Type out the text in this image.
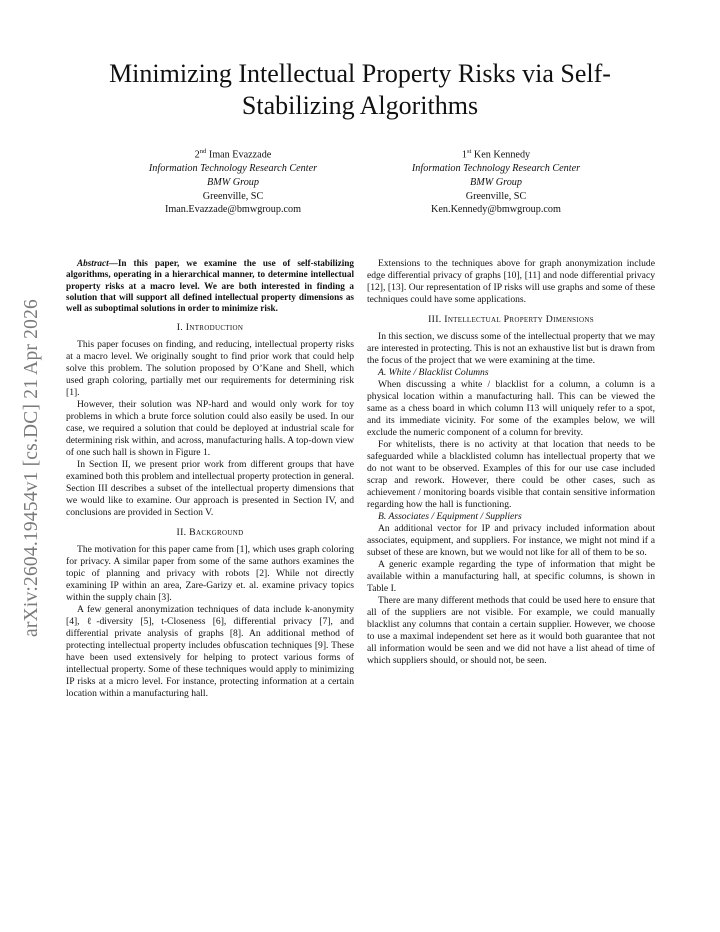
arXiv:2604.19454v1 [cs.DC] 21 Apr 2026
Minimizing Intellectual Property Risks via Self-Stabilizing Algorithms
2nd Iman Evazzade
Information Technology Research Center
BMW Group
Greenville, SC
Iman.Evazzade@bmwgroup.com
1st Ken Kennedy
Information Technology Research Center
BMW Group
Greenville, SC
Ken.Kennedy@bmwgroup.com

Abstract—In this paper, we examine the use of self-stabilizing algorithms, operating in a hierarchical manner, to determine intellectual property risks at a macro level. We are both interested in finding a solution that will support all defined intellectual property dimensions as well as suboptimal solutions in order to minimize risk.

I. Introduction

This paper focuses on finding, and reducing, intellectual property risks at a macro level. We originally sought to find prior work that could help solve this problem. The solution proposed by O’Kane and Shell, which used graph coloring, partially met our requirements for determining risk [1].

However, their solution was NP-hard and would only work for toy problems in which a brute force solution could also easily be used. In our case, we required a solution that could be deployed at industrial scale for determining risk within, and across, manufacturing halls. A top-down view of one such hall is shown in Figure 1.

In Section II, we present prior work from different groups that have examined both this problem and intellectual property protection in general. Section III describes a subset of the intellectual property dimensions that we would like to examine. Our approach is presented in Section IV, and conclusions are provided in Section V.

II. Background

The motivation for this paper came from [1], which uses graph coloring for privacy. A similar paper from some of the same authors examines the topic of planning and privacy with robots [2]. While not directly examining IP within an area, Zare-Garizy et. al. examine privacy topics within the supply chain [3].

A few general anonymization techniques of data include k-anonymity [4], ℓ-diversity [5], t-Closeness [6], differential privacy [7], and differential private analysis of graphs [8]. An additional method of protecting intellectual property includes obfuscation techniques [9]. These have been used extensively for helping to protect various forms of intellectual property. Some of these techniques would apply to minimizing IP risks at a micro level. For instance, protecting information at a certain location within a manufacturing hall.

Extensions to the techniques above for graph anonymization include edge differential privacy of graphs [10], [11] and node differential privacy [12], [13]. Our representation of IP risks will use graphs and some of these techniques could have some applications.

III. Intellectual Property Dimensions

In this section, we discuss some of the intellectual property that we may are interested in protecting. This is not an exhaustive list but is drawn from the focus of the project that we were examining at the time.

A. White / Blacklist Columns

When discussing a white / blacklist for a column, a column is a physical location within a manufacturing hall. This can be viewed the same as a chess board in which column I13 will uniquely refer to a spot, and its immediate vicinity. For some of the examples below, we will exclude the numeric component of a column for brevity.

For whitelists, there is no activity at that location that needs to be safeguarded while a blacklisted column has intellectual property that we do not want to be observed. Examples of this for our use case included scrap and rework. However, there could be other cases, such as achievement / monitoring boards visible that contain sensitive information regarding how the hall is functioning.

B. Associates / Equipment / Suppliers

An additional vector for IP and privacy included information about associates, equipment, and suppliers. For instance, we might not mind if a subset of these are known, but we would not like for all of them to be so.

A generic example regarding the type of information that might be available within a manufacturing hall, at specific columns, is shown in Table I.

There are many different methods that could be used here to ensure that all of the suppliers are not visible. For example, we could manually blacklist any columns that contain a certain supplier. However, we choose to use a maximal independent set here as it would both guarantee that not all information would be seen and we did not have a list ahead of time of which suppliers should, or should not, be seen.
